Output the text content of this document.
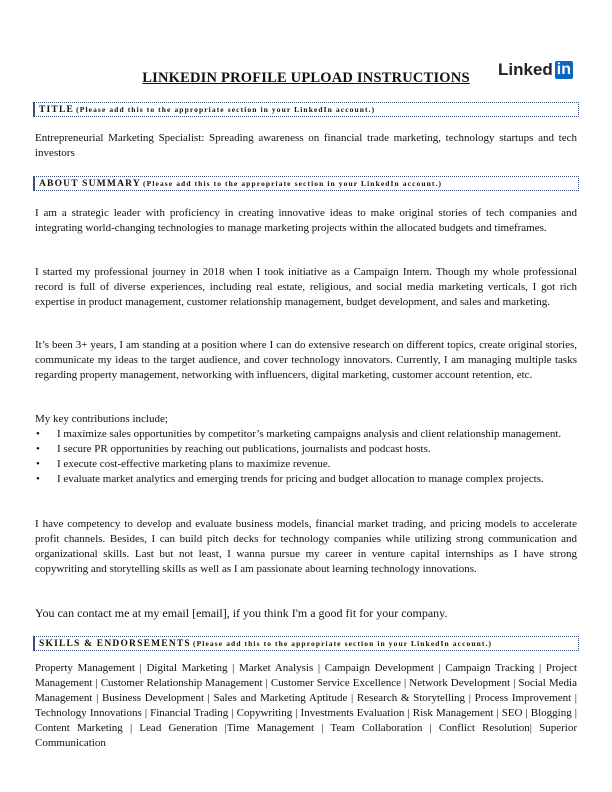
LINKEDIN PROFILE UPLOAD INSTRUCTIONS	Linked in
TITLE (Please add this to the appropriate section in your LinkedIn account.)
Entrepreneurial Marketing Specialist: Spreading awareness on financial trade marketing, technology startups and tech investors
ABOUT SUMMARY (Please add this to the appropriate section in your LinkedIn account.)
I am a strategic leader with proficiency in creating innovative ideas to make original stories of tech companies and integrating world-changing technologies to manage marketing projects within the allocated budgets and timeframes.
I started my professional journey in 2018 when I took initiative as a Campaign Intern. Though my whole professional record is full of diverse experiences, including real estate, religious, and social media marketing verticals, I got rich expertise in product management, customer relationship management, budget development, and sales and marketing.
It’s been 3+ years, I am standing at a position where I can do extensive research on different topics, create original stories, communicate my ideas to the target audience, and cover technology innovators. Currently, I am managing multiple tasks regarding property management, networking with influencers, digital marketing, customer account retention, etc.
My key contributions include;
• I maximize sales opportunities by competitor’s marketing campaigns analysis and client relationship management.
• I secure PR opportunities by reaching out publications, journalists and podcast hosts.
• I execute cost-effective marketing plans to maximize revenue.
• I evaluate market analytics and emerging trends for pricing and budget allocation to manage complex projects.
I have competency to develop and evaluate business models, financial market trading, and pricing models to accelerate profit channels. Besides, I can build pitch decks for technology companies while utilizing strong communication and organizational skills. Last but not least, I wanna pursue my career in venture capital internships as I have strong copywriting and storytelling skills as well as I am passionate about learning technology innovations.
You can contact me at my email [email], if you think I'm a good fit for your company.
SKILLS & ENDORSEMENTS (Please add this to the appropriate section in your LinkedIn account.)
Property Management | Digital Marketing | Market Analysis | Campaign Development | Campaign Tracking | Project Management | Customer Relationship Management | Customer Service Excellence | Network Development | Social Media Management | Business Development | Sales and Marketing Aptitude | Research & Storytelling | Process Improvement | Technology Innovations | Financial Trading | Copywriting | Investments Evaluation | Risk Management | SEO | Blogging | Content Marketing | Lead Generation |Time Management | Team Collaboration | Conflict Resolution| Superior Communication
